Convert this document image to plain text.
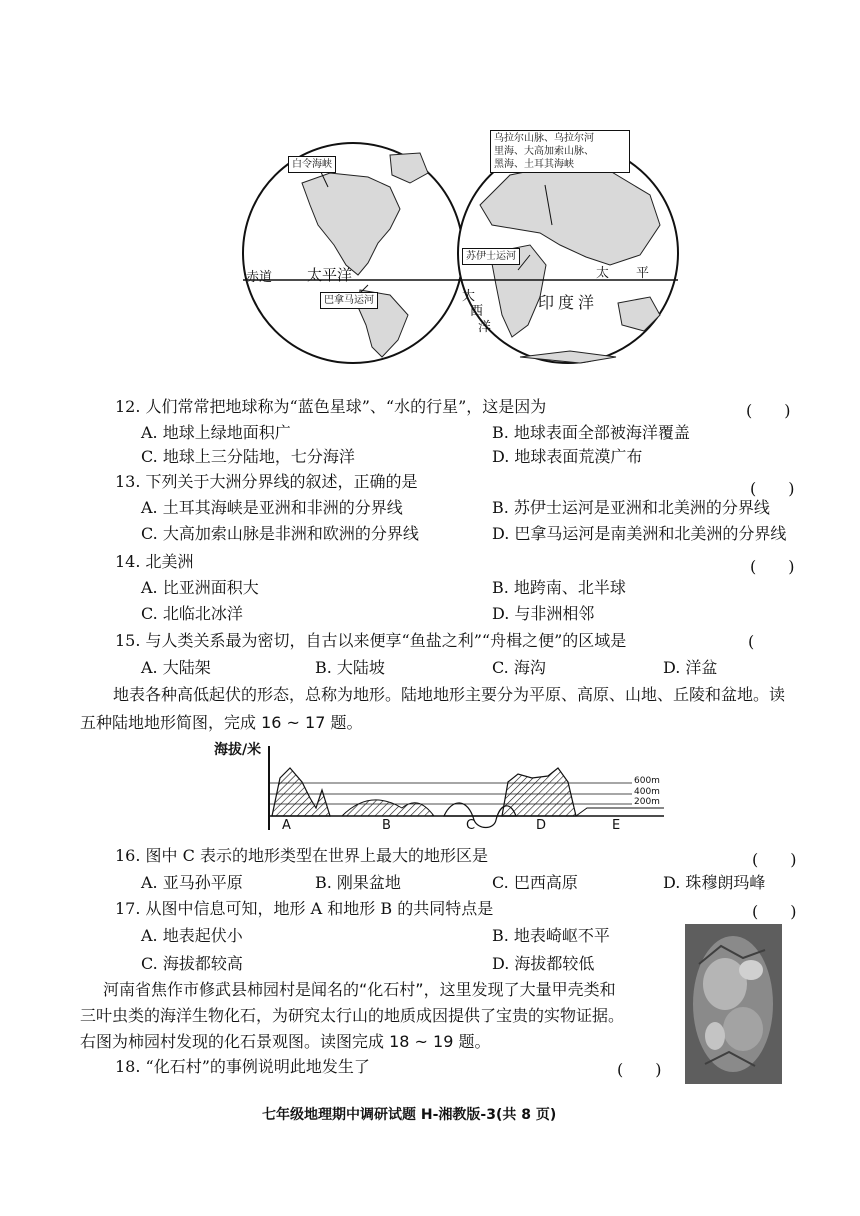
白令海峡
赤道 太平洋
巴拿马运河
乌拉尔山脉、乌拉尔河
里海、大高加索山脉、
黑海、土耳其海峡
苏伊士运河
大
西
洋
太 平
印度洋
12. 人们常常把地球称为“蓝色星球”、“水的行星”，这是因为	(　　)
A. 地球上绿地面积广	B. 地球表面全部被海洋覆盖
C. 地球上三分陆地，七分海洋	D. 地球表面荒漠广布
13. 下列关于大洲分界线的叙述，正确的是	(　　)
A. 土耳其海峡是亚洲和非洲的分界线	B. 苏伊士运河是亚洲和北美洲的分界线
C. 大高加索山脉是非洲和欧洲的分界线	D. 巴拿马运河是南美洲和北美洲的分界线
14. 北美洲	(　　)
A. 比亚洲面积大	B. 地跨南、北半球
C. 北临北冰洋	D. 与非洲相邻
15. 与人类关系最为密切，自古以来便享“鱼盐之利”“舟楫之便”的区域是	(
A. 大陆架	B. 大陆坡	C. 海沟	D. 洋盆
地表各种高低起伏的形态，总称为地形。陆地地形主要分为平原、高原、山地、丘陵和盆地。读
五种陆地地形简图，完成 16 ~ 17 题。
海拔/米
600m
400m
200m
A	B	C	D	E
16. 图中 C 表示的地形类型在世界上最大的地形区是	(　　)
A. 亚马孙平原	B. 刚果盆地	C. 巴西高原	D. 珠穆朗玛峰
17. 从图中信息可知，地形 A 和地形 B 的共同特点是	(　　)
A. 地表起伏小	B. 地表崎岖不平
C. 海拔都较高	D. 海拔都较低
河南省焦作市修武县柿园村是闻名的“化石村”，这里发现了大量甲壳类和
三叶虫类的海洋生物化石，为研究太行山的地质成因提供了宝贵的实物证据。
右图为柿园村发现的化石景观图。读图完成 18 ~ 19 题。
18. “化石村”的事例说明此地发生了	(　　)
七年级地理期中调研试题 H-湘教版-3(共 8 页)
